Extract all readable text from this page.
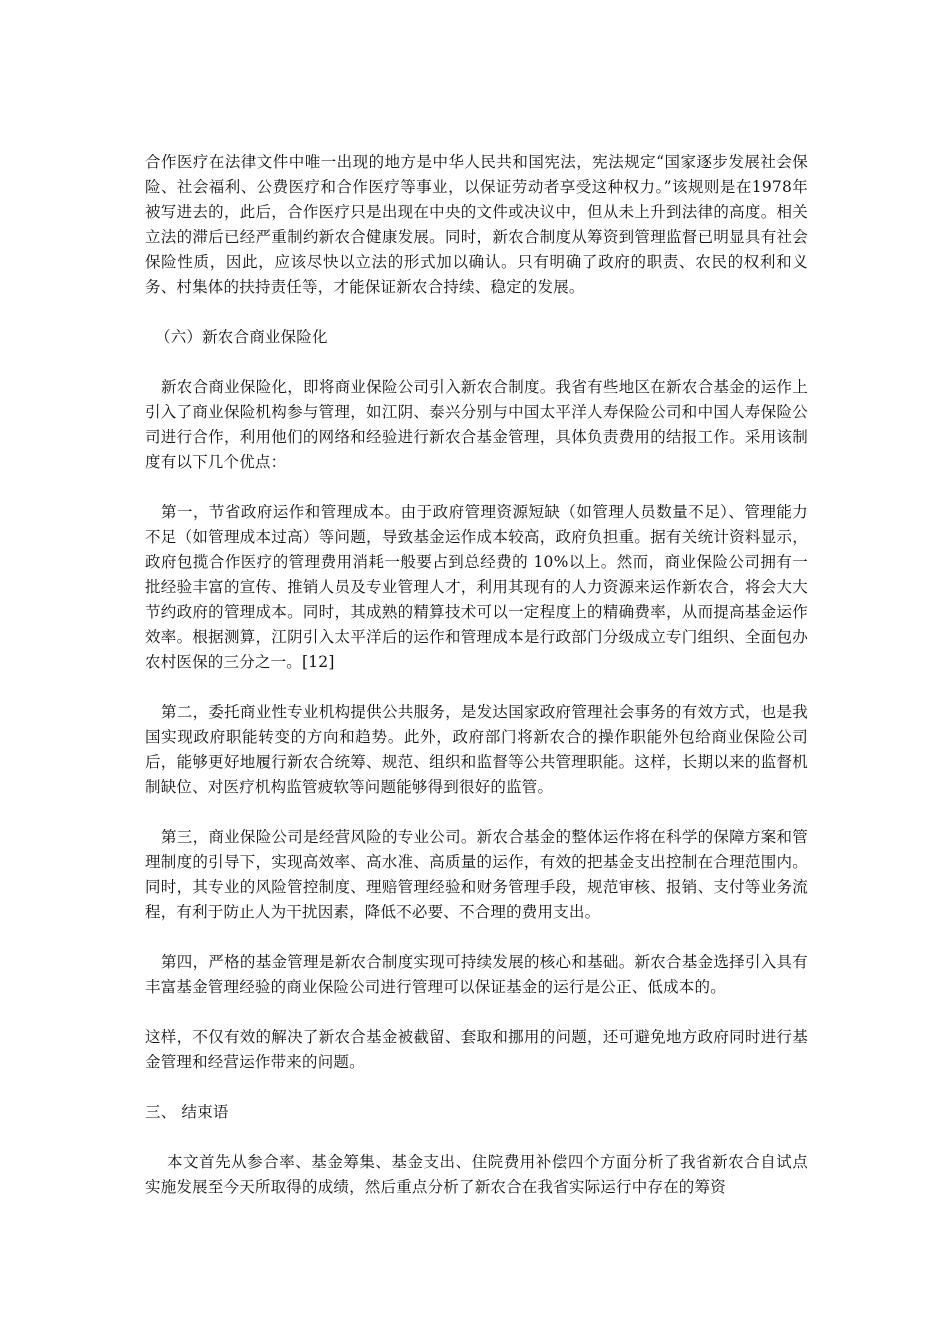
合作医疗在法律文件中唯一出现的地方是中华人民共和国宪法，宪法规定“国家逐步发展社会保险、社会福利、公费医疗和合作医疗等事业，以保证劳动者享受这种权力。”该规则是在1978年被写进去的，此后，合作医疗只是出现在中央的文件或决议中，但从未上升到法律的高度。相关立法的滞后已经严重制约新农合健康发展。同时，新农合制度从筹资到管理监督已明显具有社会保险性质，因此，应该尽快以立法的形式加以确认。只有明确了政府的职责、农民的权利和义务、村集体的扶持责任等，才能保证新农合持续、稳定的发展。

（六）新农合商业保险化

新农合商业保险化，即将商业保险公司引入新农合制度。我省有些地区在新农合基金的运作上引入了商业保险机构参与管理，如江阴、泰兴分别与中国太平洋人寿保险公司和中国人寿保险公司进行合作，利用他们的网络和经验进行新农合基金管理，具体负责费用的结报工作。采用该制度有以下几个优点：

第一，节省政府运作和管理成本。由于政府管理资源短缺（如管理人员数量不足）、管理能力不足（如管理成本过高）等问题，导致基金运作成本较高，政府负担重。据有关统计资料显示，政府包揽合作医疗的管理费用消耗一般要占到总经费的 10%以上。然而，商业保险公司拥有一批经验丰富的宣传、推销人员及专业管理人才，利用其现有的人力资源来运作新农合，将会大大节约政府的管理成本。同时，其成熟的精算技术可以一定程度上的精确费率，从而提高基金运作效率。根据测算，江阴引入太平洋后的运作和管理成本是行政部门分级成立专门组织、全面包办农村医保的三分之一。[12]

第二，委托商业性专业机构提供公共服务，是发达国家政府管理社会事务的有效方式，也是我国实现政府职能转变的方向和趋势。此外，政府部门将新农合的操作职能外包给商业保险公司后，能够更好地履行新农合统筹、规范、组织和监督等公共管理职能。这样，长期以来的监督机制缺位、对医疗机构监管疲软等问题能够得到很好的监管。

第三，商业保险公司是经营风险的专业公司。新农合基金的整体运作将在科学的保障方案和管理制度的引导下，实现高效率、高水准、高质量的运作，有效的把基金支出控制在合理范围内。同时，其专业的风险管控制度、理赔管理经验和财务管理手段，规范审核、报销、支付等业务流程，有利于防止人为干扰因素，降低不必要、不合理的费用支出。

第四，严格的基金管理是新农合制度实现可持续发展的核心和基础。新农合基金选择引入具有丰富基金管理经验的商业保险公司进行管理可以保证基金的运行是公正、低成本的。

这样，不仅有效的解决了新农合基金被截留、套取和挪用的问题，还可避免地方政府同时进行基金管理和经营运作带来的问题。

三、 结束语

本文首先从参合率、基金筹集、基金支出、住院费用补偿四个方面分析了我省新农合自试点实施发展至今天所取得的成绩，然后重点分析了新农合在我省实际运行中存在的筹资
